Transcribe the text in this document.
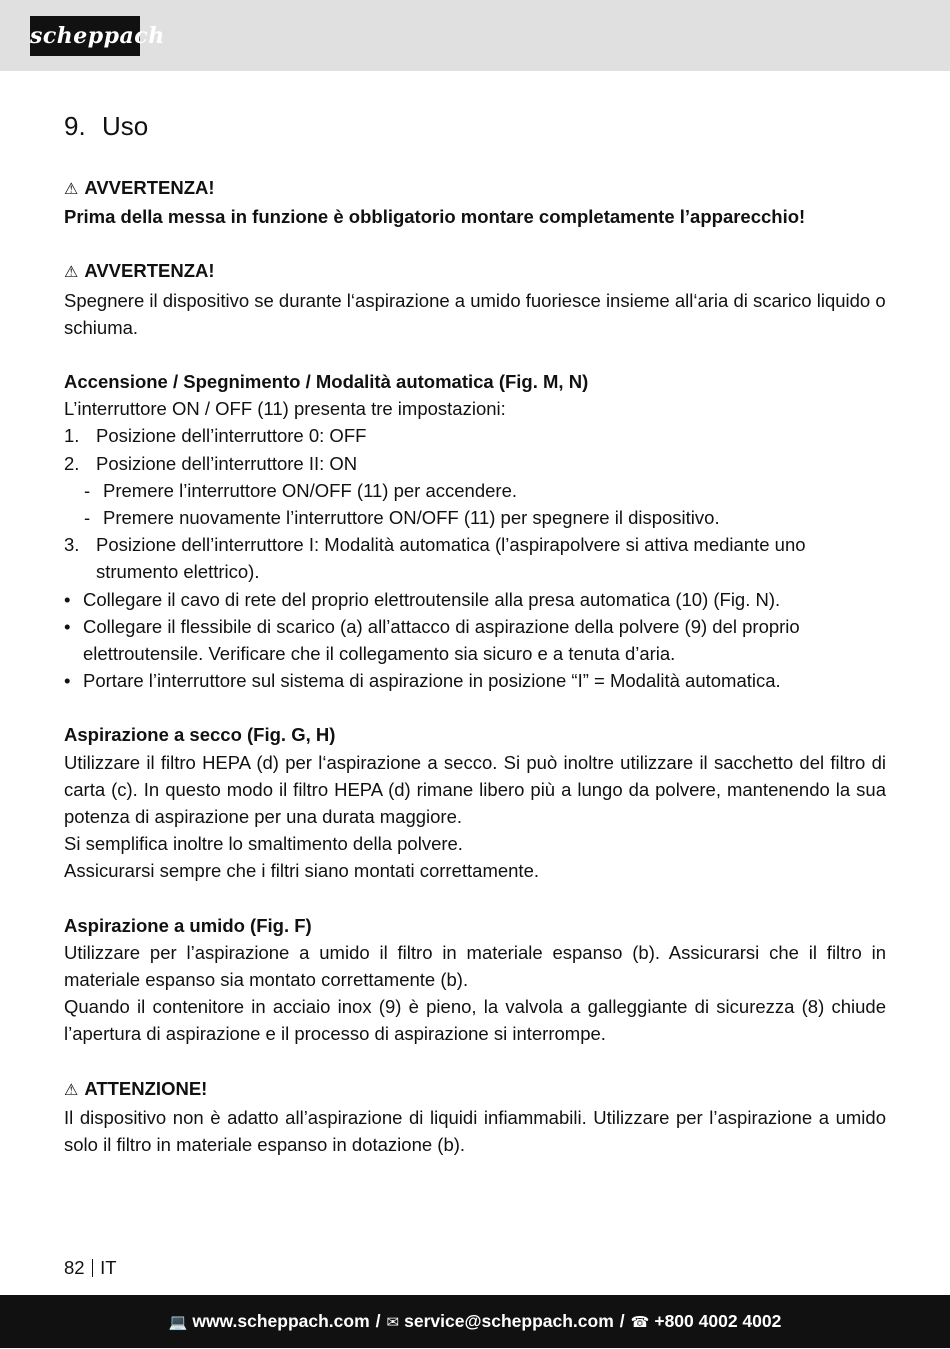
scheppach
9. Uso
⚠ AVVERTENZA!
Prima della messa in funzione è obbligatorio montare completamente l’apparecchio!
⚠ AVVERTENZA!
Spegnere il dispositivo se durante l‘aspirazione a umido fuoriesce insieme all‘aria di scarico liquido o schiuma.
Accensione / Spegnimento / Modalità automatica (Fig. M, N)
L’interruttore ON / OFF (11) presenta tre impostazioni:
1. Posizione dell’interruttore 0: OFF
2. Posizione dell’interruttore II: ON
- Premere l’interruttore ON/OFF (11) per accendere.
- Premere nuovamente l’interruttore ON/OFF (11) per spegnere il dispositivo.
3. Posizione dell’interruttore I: Modalità automatica (l’aspirapolvere si attiva mediante uno strumento elettrico).
• Collegare il cavo di rete del proprio elettroutensile alla presa automatica (10) (Fig. N).
• Collegare il flessibile di scarico (a) all’attacco di aspirazione della polvere (9) del proprio elettroutensile. Verificare che il collegamento sia sicuro e a tenuta d’aria.
• Portare l’interruttore sul sistema di aspirazione in posizione “I” = Modalità automatica.
Aspirazione a secco (Fig. G, H)
Utilizzare il filtro HEPA (d) per l‘aspirazione a secco. Si può inoltre utilizzare il sacchetto del filtro di carta (c). In questo modo il filtro HEPA (d) rimane libero più a lungo da polvere, mantenendo la sua potenza di aspirazione per una durata maggiore.
Si semplifica inoltre lo smaltimento della polvere.
Assicurarsi sempre che i filtri siano montati correttamente.
Aspirazione a umido (Fig. F)
Utilizzare per l’aspirazione a umido il filtro in materiale espanso (b). Assicurarsi che il filtro in materiale espanso sia montato correttamente (b).
Quando il contenitore in acciaio inox (9) è pieno, la valvola a galleggiante di sicurezza (8) chiude l’apertura di aspirazione e il processo di aspirazione si interrompe.
⚠ ATTENZIONE!
Il dispositivo non è adatto all’aspirazione di liquidi infiammabili. Utilizzare per l’aspirazione a umido solo il filtro in materiale espanso in dotazione (b).
82 IT
💻 www.scheppach.com / ✉ service@scheppach.com / ☎ +800 4002 4002
